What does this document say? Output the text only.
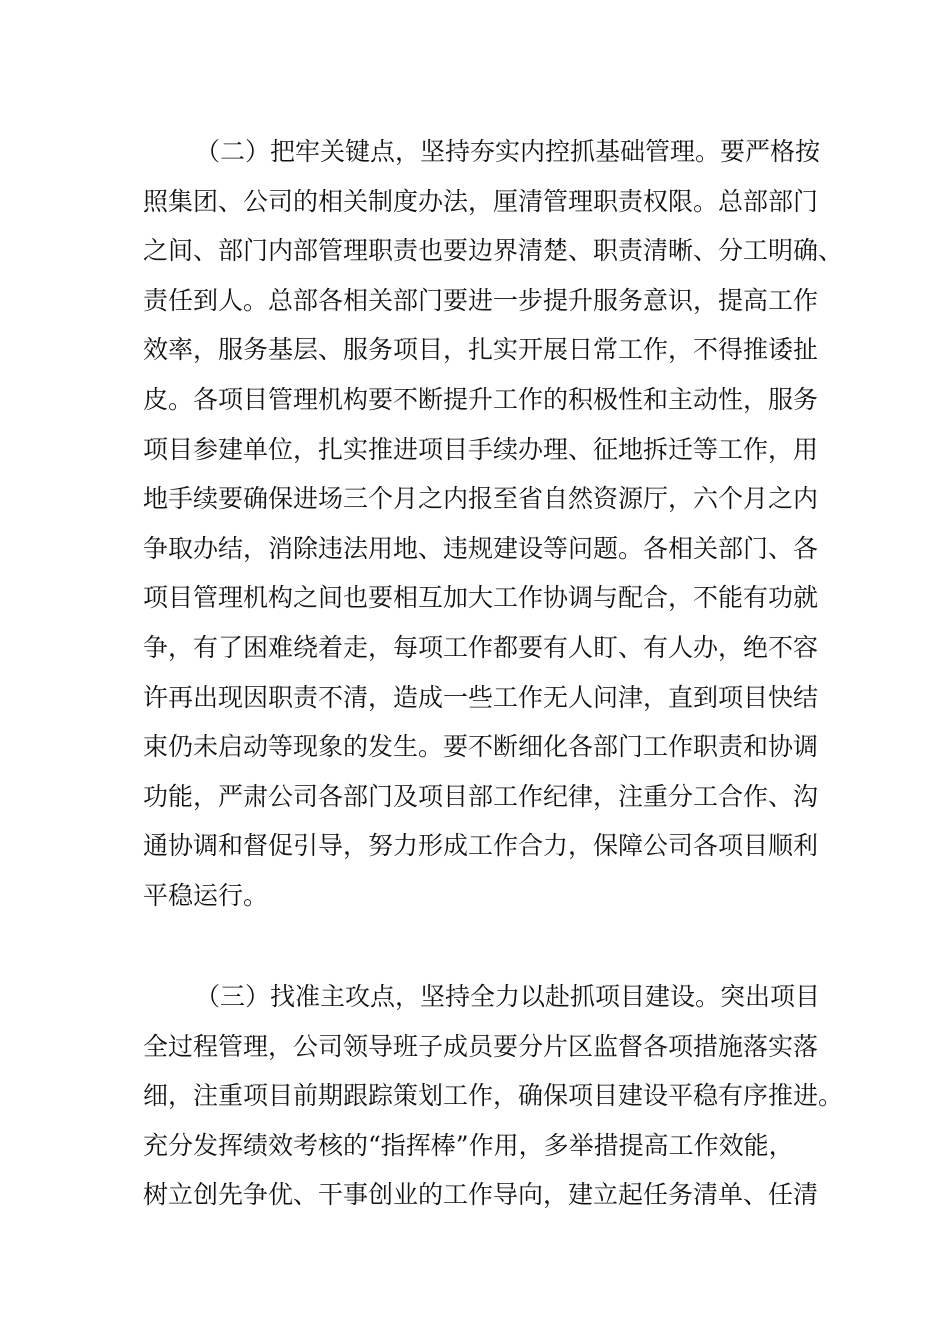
（二）把牢关键点，坚持夯实内控抓基础管理。要严格按
照集团、公司的相关制度办法，厘清管理职责权限。总部部门
之间、部门内部管理职责也要边界清楚、职责清晰、分工明确、
责任到人。总部各相关部门要进一步提升服务意识，提高工作
效率，服务基层、服务项目，扎实开展日常工作，不得推诿扯
皮。各项目管理机构要不断提升工作的积极性和主动性，服务
项目参建单位，扎实推进项目手续办理、征地拆迁等工作，用
地手续要确保进场三个月之内报至省自然资源厅，六个月之内
争取办结，消除违法用地、违规建设等问题。各相关部门、各
项目管理机构之间也要相互加大工作协调与配合，不能有功就
争，有了困难绕着走，每项工作都要有人盯、有人办，绝不容
许再出现因职责不清，造成一些工作无人问津，直到项目快结
束仍未启动等现象的发生。要不断细化各部门工作职责和协调
功能，严肃公司各部门及项目部工作纪律，注重分工合作、沟
通协调和督促引导，努力形成工作合力，保障公司各项目顺利
平稳运行。
（三）找准主攻点，坚持全力以赴抓项目建设。突出项目
全过程管理，公司领导班子成员要分片区监督各项措施落实落
细，注重项目前期跟踪策划工作，确保项目建设平稳有序推进。
充分发挥绩效考核的“指挥棒”作用，多举措提高工作效能，
树立创先争优、干事创业的工作导向，建立起任务清单、任清
